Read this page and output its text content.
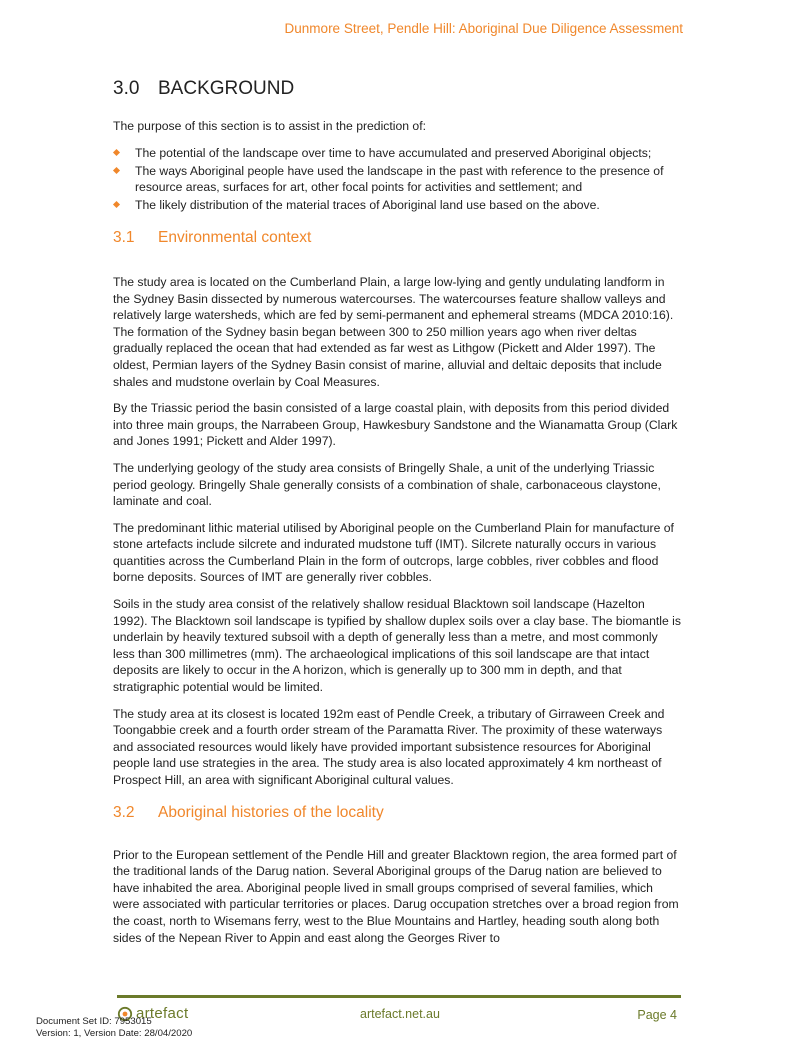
Dunmore Street, Pendle Hill: Aboriginal Due Diligence Assessment
3.0 BACKGROUND

The purpose of this section is to assist in the prediction of:

The potential of the landscape over time to have accumulated and preserved Aboriginal objects;
The ways Aboriginal people have used the landscape in the past with reference to the presence of resource areas, surfaces for art, other focal points for activities and settlement; and
The likely distribution of the material traces of Aboriginal land use based on the above.
3.1 Environmental context

The study area is located on the Cumberland Plain, a large low-lying and gently undulating landform in the Sydney Basin dissected by numerous watercourses. The watercourses feature shallow valleys and relatively large watersheds, which are fed by semi-permanent and ephemeral streams (MDCA 2010:16). The formation of the Sydney basin began between 300 to 250 million years ago when river deltas gradually replaced the ocean that had extended as far west as Lithgow (Pickett and Alder 1997). The oldest, Permian layers of the Sydney Basin consist of marine, alluvial and deltaic deposits that include shales and mudstone overlain by Coal Measures.

By the Triassic period the basin consisted of a large coastal plain, with deposits from this period divided into three main groups, the Narrabeen Group, Hawkesbury Sandstone and the Wianamatta Group (Clark and Jones 1991; Pickett and Alder 1997).

The underlying geology of the study area consists of Bringelly Shale, a unit of the underlying Triassic period geology. Bringelly Shale generally consists of a combination of shale, carbonaceous claystone, laminate and coal.

The predominant lithic material utilised by Aboriginal people on the Cumberland Plain for manufacture of stone artefacts include silcrete and indurated mudstone tuff (IMT). Silcrete naturally occurs in various quantities across the Cumberland Plain in the form of outcrops, large cobbles, river cobbles and flood borne deposits. Sources of IMT are generally river cobbles.

Soils in the study area consist of the relatively shallow residual Blacktown soil landscape (Hazelton 1992). The Blacktown soil landscape is typified by shallow duplex soils over a clay base. The biomantle is underlain by heavily textured subsoil with a depth of generally less than a metre, and most commonly less than 300 millimetres (mm). The archaeological implications of this soil landscape are that intact deposits are likely to occur in the A horizon, which is generally up to 300 mm in depth, and that stratigraphic potential would be limited.

The study area at its closest is located 192m east of Pendle Creek, a tributary of Girraween Creek and Toongabbie creek and a fourth order stream of the Paramatta River. The proximity of these waterways and associated resources would likely have provided important subsistence resources for Aboriginal people land use strategies in the area. The study area is also located approximately 4 km northeast of Prospect Hill, an area with significant Aboriginal cultural values.

3.2 Aboriginal histories of the locality

Prior to the European settlement of the Pendle Hill and greater Blacktown region, the area formed part of the traditional lands of the Darug nation. Several Aboriginal groups of the Darug nation are believed to have inhabited the area. Aboriginal people lived in small groups comprised of several families, which were associated with particular territories or places. Darug occupation stretches over a broad region from the coast, north to Wisemans ferry, west to the Blue Mountains and Hartley, heading south along both sides of the Nepean River to Appin and east along the Georges River to

artefact	artefact.net.au	Page 4
Document Set ID: 7953015
Version: 1, Version Date: 28/04/2020
